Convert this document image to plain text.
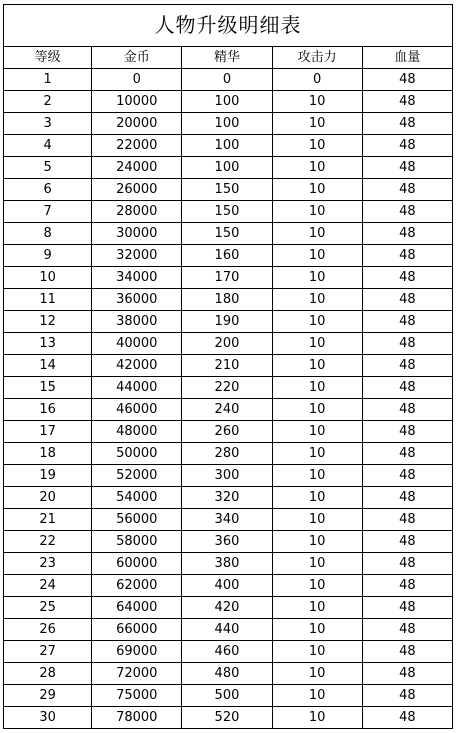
人物升级明细表				
等级	金币	精华	攻击力	血量
1	0	0	0	48
2	10000	100	10	48
3	20000	100	10	48
4	22000	100	10	48
5	24000	100	10	48
6	26000	150	10	48
7	28000	150	10	48
8	30000	150	10	48
9	32000	160	10	48
10	34000	170	10	48
11	36000	180	10	48
12	38000	190	10	48
13	40000	200	10	48
14	42000	210	10	48
15	44000	220	10	48
16	46000	240	10	48
17	48000	260	10	48
18	50000	280	10	48
19	52000	300	10	48
20	54000	320	10	48
21	56000	340	10	48
22	58000	360	10	48
23	60000	380	10	48
24	62000	400	10	48
25	64000	420	10	48
26	66000	440	10	48
27	69000	460	10	48
28	72000	480	10	48
29	75000	500	10	48
30	78000	520	10	48
